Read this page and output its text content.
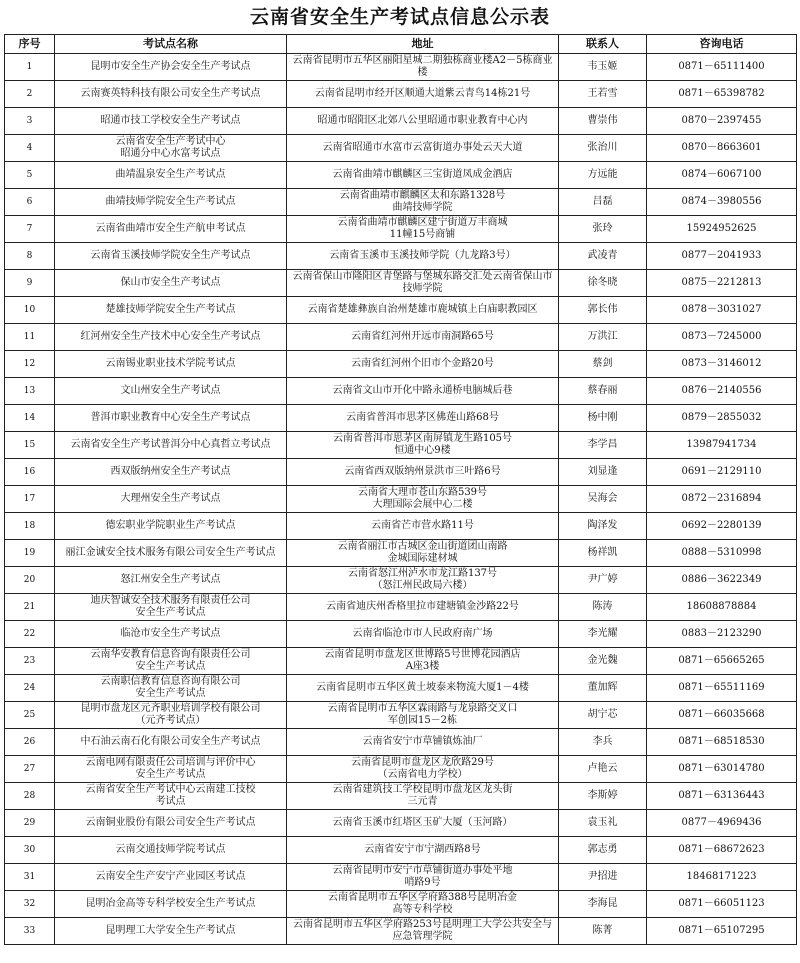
云南省安全生产考试点信息公示表
序号	考试点名称	地址	联系人	咨询电话
1	昆明市安全生产协会安全生产考试点	云南省昆明市五华区丽阳星城二期独栋商业楼A2－5栋商业楼	韦玉姬	0871－65111400
2	云南赛英特科技有限公司安全生产考试点	云南省昆明市经开区顺通大道紫云青鸟14栋21号	王若雪	0871－65398782
3	昭通市技工学校安全生产考试点	昭通市昭阳区北郊八公里昭通市职业教育中心内	曹崇伟	0870－2397455
4	云南省安全生产考试中心
昭通分中心水富考试点	云南省昭通市水富市云富街道办事处云天大道	张治川	0870－8663601
5	曲靖温泉安全生产考试点	云南省曲靖市麒麟区三宝街道凤成金酒店	方远能	0874－6067100
6	曲靖技师学院安全生产考试点	云南省曲靖市麒麟区太和东路1328号
曲靖技师学院	吕磊	0874－3980556
7	云南省曲靖市安全生产航申考试点	云南省曲靖市麒麟区建宁街道万丰商城
11幢15号商铺	张玲	15924952625
8	云南省玉溪技师学院安全生产考试点	云南省玉溪市玉溪技师学院（九龙路3号）	武凌青	0877－2041933
9	保山市安全生产考试点	云南省保山市隆阳区青堡路与堡城东路交汇处云南省保山市技师学院	徐冬晓	0875－2212813
10	楚雄技师学院安全生产考试点	云南省楚雄彝族自治州楚雄市鹿城镇上白庙职教园区	郭长伟	0878－3031027
11	红河州安全生产技术中心安全生产考试点	云南省红河州开远市南洞路65号	万洪江	0873－7245000
12	云南锡业职业技术学院考试点	云南省红河州个旧市个金路20号	蔡剑	0873－3146012
13	文山州安全生产考试点	云南省文山市开化中路永通桥电脑城后巷	蔡春丽	0876－2140556
14	普洱市职业教育中心安全生产考试点	云南省普洱市思茅区佛莲山路68号	杨中刚	0879－2855032
15	云南省安全生产考试普洱分中心真哲立考试点	云南省普洱市思茅区南屏镇龙生路105号
恒通中心9楼	李学昌	13987941734
16	西双版纳州安全生产考试点	云南省西双版纳州景洪市三叶路6号	刘显逢	0691－2129110
17	大理州安全生产考试点	云南省大理市苍山东路539号
大理国际会展中心二楼	吴海会	0872－2316894
18	德宏职业学院职业生产考试点	云南省芒市营水路11号	陶泽发	0692－2280139
19	丽江金诚安全技术服务有限公司安全生产考试点	云南省丽江市古城区金山街道团山南路
金城国际建材城	杨祥凯	0888－5310998
20	怒江州安全生产考试点	云南省怒江州泸水市龙江路137号
（怒江州民政局六楼）	尹广婷	0886－3622349
21	迪庆智诚安全技术服务有限责任公司
安全生产考试点	云南省迪庆州香格里拉市建塘镇金沙路22号	陈涛	18608878884
22	临沧市安全生产考试点	云南省临沧市市人民政府南广场	李光耀	0883－2123290
23	云南华安教育信息咨询有限责任公司
安全生产考试点	云南省昆明市盘龙区世博路5号世博花园酒店
A座3楼	金光魏	0871－65665265
24	云南职信教育信息咨询有限公司
安全生产考试点	云南省昆明市五华区黄土坡泰来物流大厦1－4楼	董加辉	0871－65511169
25	昆明市盘龙区元齐职业培训学校有限公司
（元齐考试点）	云南省昆明市五华区霖雨路与龙泉路交叉口
军创园15－2栋	胡宁芯	0871－66035668
26	中石油云南石化有限公司安全生产考试点	云南省安宁市草铺镇炼油厂	李兵	0871－68518530
27	云南电网有限责任公司培训与评价中心
安全生产考试点	云南省昆明市盘龙区龙欣路29号
（云南省电力学校）	卢艳云	0871－63014780
28	云南省安全生产考试中心云南建工技校
考试点	云南省建筑技工学校昆明市盘龙区龙头街
三元青	李斯婷	0871－63136443
29	云南铜业股份有限公司安全生产考试点	云南省玉溪市红塔区玉矿大厦（玉河路）	袁玉礼	0877－4969436
30	云南交通技师学院考试点	云南省安宁市宁湖西路8号	郭志勇	0871－68672623
31	云南安全生产安宁产业园区考试点	云南省昆明市安宁市草铺街道办事处平地
哨路9号	尹招进	18468171223
32	昆明冶金高等专科学校安全生产考试点	云南省昆明市五华区学府路388号昆明冶金
高等专科学校	李海昆	0871－66051123
33	昆明理工大学安全生产考试点	云南省昆明市五华区学府路253号昆明理工大学公共安全与应急管理学院	陈菁	0871－65107295
